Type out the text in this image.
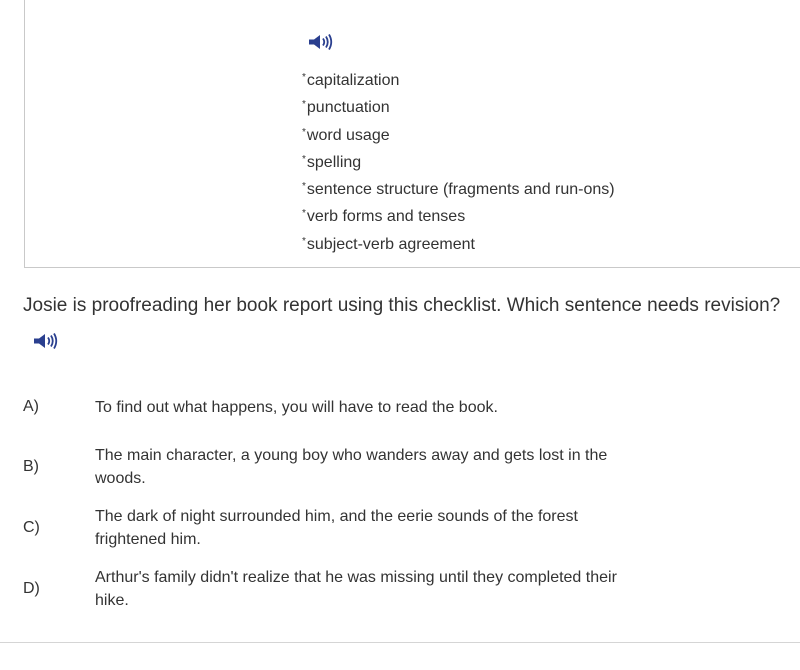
*capitalization
*punctuation
*word usage
*spelling
*sentence structure (fragments and run-ons)
*verb forms and tenses
*subject-verb agreement
Josie is proofreading her book report using this checklist. Which sentence needs revision?
A)	To find out what happens, you will have to read the book.
B)
The main character, a young boy who wanders away and gets lost in the woods.
C)
The dark of night surrounded him, and the eerie sounds of the forest frightened him.
D)
Arthur's family didn't realize that he was missing until they completed their hike.
